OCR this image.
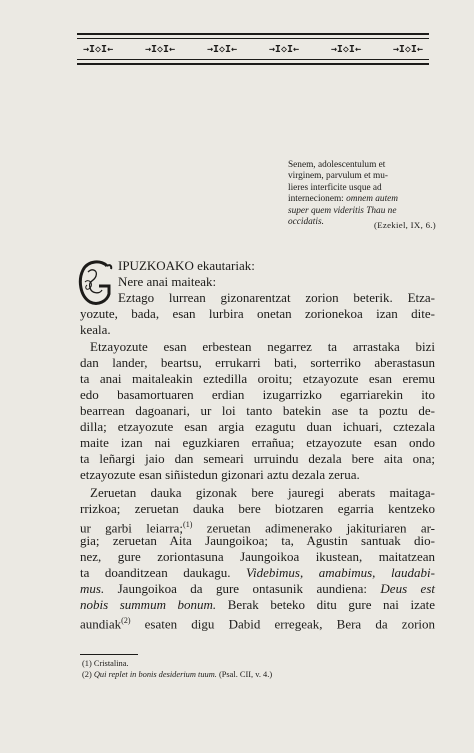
→I◇I←	→I◇I←	→I◇I←	→I◇I←	→I◇I←	→I◇I←
Senem, adolescentulum et
virginem, parvulum et mu-
lieres interficite usque ad
internecionem: omnem autem
super quem videritis Thau ne
occidatis.	(Ezekiel, IX, 6.)
IPUZKOAKO ekautariak:
Nere anai maiteak:
Eztago lurrean gizonarentzat zorion beterik. Etza-
yozute, bada, esan lurbira onetan zorionekoa izan dite-
keala.
Etzayozute esan erbestean negarrez ta arrastaka bizi
dan lander, beartsu, errukarri bati, sorterriko aberastasun
ta anai maitaleakin eztedilla oroitu; etzayozute esan eremu
edo basamortuaren erdian izugarrizko egarriarekin ito
bearrean dagoanari, ur loi tanto batekin ase ta poztu de-
dilla; etzayozute esan argia ezagutu duan ichuari, cztezala
maite izan nai eguzkiaren errañua; etzayozute esan ondo
ta leñargi jaio dan semeari urruindu dezala bere aita ona;
etzayozute esan siñistedun gizonari aztu dezala zerua.
Zeruetan dauka gizonak bere jauregi aberats maitaga-
rrizkoa; zeruetan dauka bere biotzaren egarria kentzeko
ur garbi leiarra;$^{(1)}$ zeruetan adimenerako jakituriaren ar-
gia; zeruetan Aita Jaungoikoa; ta, Agustin santuak dio-
nez, gure zoriontasuna Jaungoikoa ikustean, maitatzean
ta doanditzean daukagu. Videbimus, amabimus, laudabi-
mus. Jaungoikoa da gure ontasunik aundiena: Deus est
nobis summum bonum. Berak beteko ditu gure nai izate
aundiak$^{(2)}$ esaten digu Dabid erregeak, Bera da zorion
(1) Cristalina.
(2) Qui replet in bonis desiderium tuum. (Psal. CII, v. 4.)
